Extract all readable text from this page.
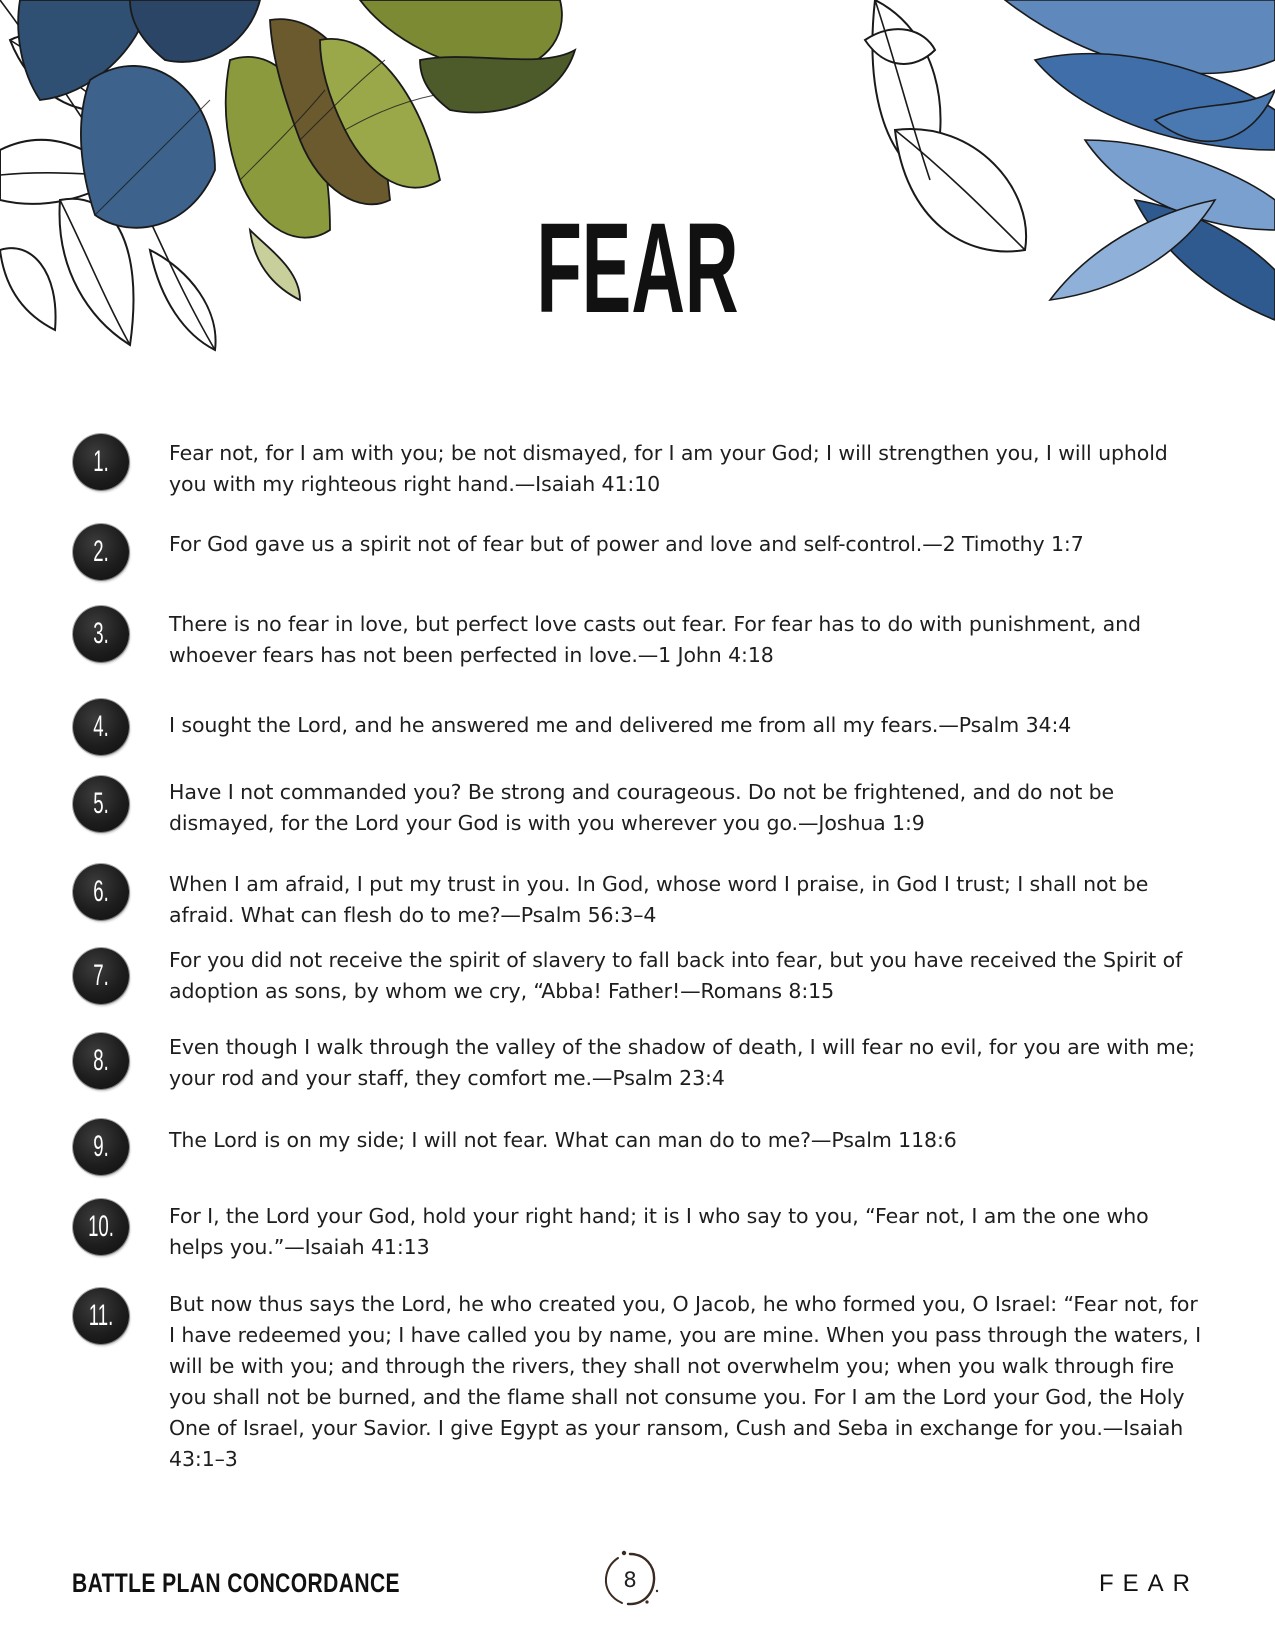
FEAR
1.	Fear not, for I am with you; be not dismayed, for I am your God; I will strengthen you, I will uphold you with my righteous right hand.—Isaiah 41:10

2.	For God gave us a spirit not of fear but of power and love and self-control.—2 Timothy 1:7

3.	There is no fear in love, but perfect love casts out fear. For fear has to do with punishment, and whoever fears has not been perfected in love.—1 John 4:18

4.	I sought the Lord, and he answered me and delivered me from all my fears.—Psalm 34:4

5.	Have I not commanded you? Be strong and courageous. Do not be frightened, and do not be dismayed, for the Lord your God is with you wherever you go.—Joshua 1:9

6.	When I am afraid, I put my trust in you. In God, whose word I praise, in God I trust; I shall not be afraid. What can flesh do to me?—Psalm 56:3–4

7.	For you did not receive the spirit of slavery to fall back into fear, but you have received the Spirit of adoption as sons, by whom we cry, “Abba! Father!—Romans 8:15

8.	Even though I walk through the valley of the shadow of death, I will fear no evil, for you are with me; your rod and your staff, they comfort me.—Psalm 23:4

9.	The Lord is on my side; I will not fear. What can man do to me?—Psalm 118:6

10.	For I, the Lord your God, hold your right hand; it is I who say to you, “Fear not, I am the one who helps you.”—Isaiah 41:13

11.	But now thus says the Lord, he who created you, O Jacob, he who formed you, O Israel: “Fear not, for I have redeemed you; I have called you by name, you are mine. When you pass through the waters, I will be with you; and through the rivers, they shall not overwhelm you; when you walk through fire you shall not be burned, and the flame shall not consume you. For I am the Lord your God, the Holy One of Israel, your Savior. I give Egypt as your ransom, Cush and Seba in exchange for you.—Isaiah 43:1–3

BATTLE PLAN CONCORDANCE	8	FEAR
